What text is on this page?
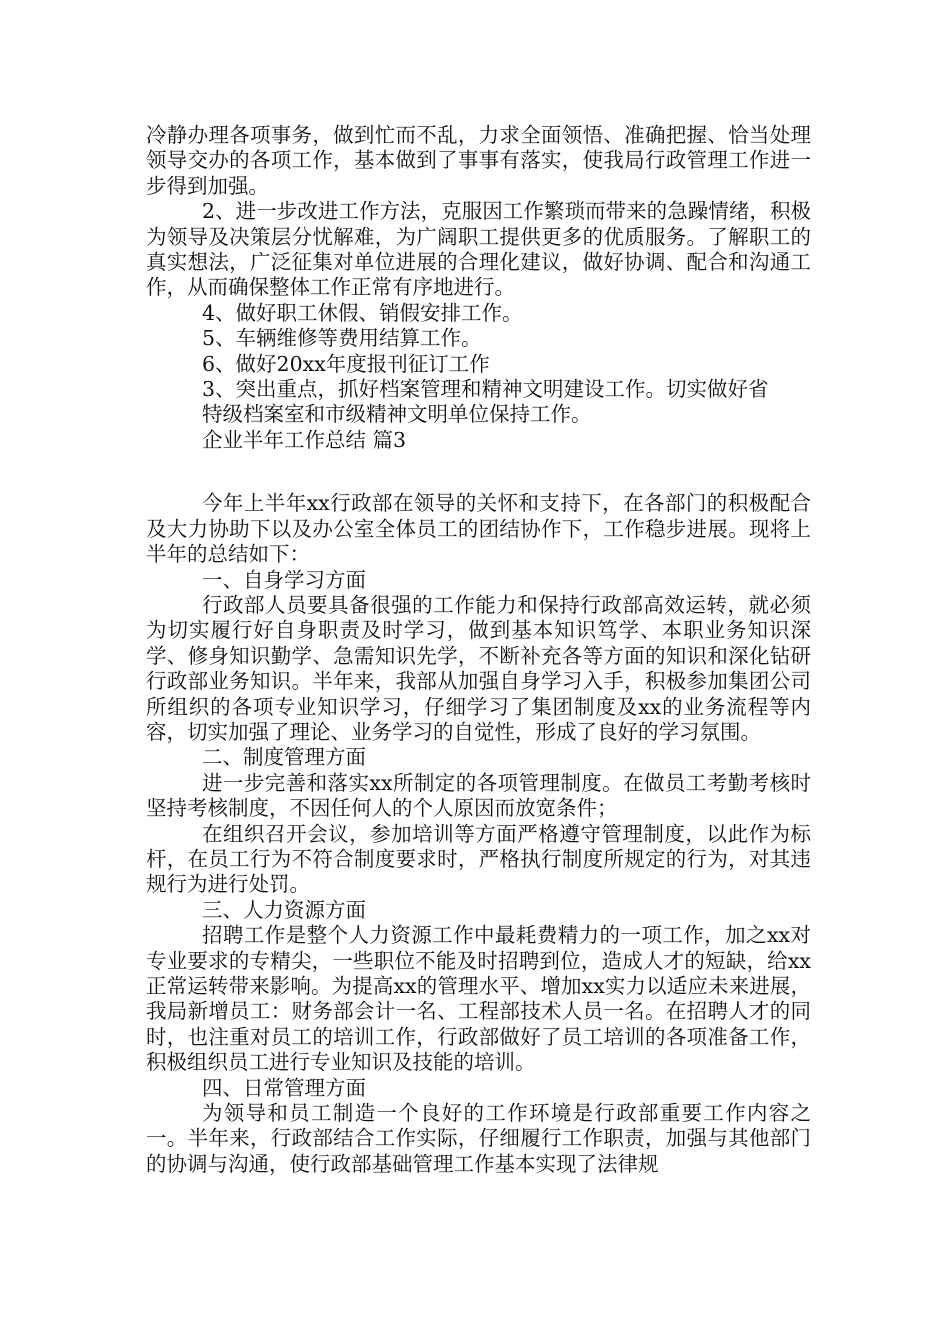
冷静办理各项事务，做到忙而不乱，力求全面领悟、准确把握、恰当处理领导交办的各项工作，基本做到了事事有落实，使我局行政管理工作进一步得到加强。

2、进一步改进工作方法，克服因工作繁琐而带来的急躁情绪，积极为领导及决策层分忧解难，为广阔职工提供更多的优质服务。了解职工的真实想法，广泛征集对单位进展的合理化建议，做好协调、配合和沟通工作，从而确保整体工作正常有序地进行。

4、做好职工休假、销假安排工作。

5、车辆维修等费用结算工作。

6、做好20xx年度报刊征订工作

3、突出重点，抓好档案管理和精神文明建设工作。切实做好省

特级档案室和市级精神文明单位保持工作。

企业半年工作总结 篇3

今年上半年xx行政部在领导的关怀和支持下，在各部门的积极配合及大力协助下以及办公室全体员工的团结协作下，工作稳步进展。现将上半年的总结如下：

一、自身学习方面

行政部人员要具备很强的工作能力和保持行政部高效运转，就必须为切实履行好自身职责及时学习，做到基本知识笃学、本职业务知识深学、修身知识勤学、急需知识先学，不断补充各等方面的知识和深化钻研行政部业务知识。半年来，我部从加强自身学习入手，积极参加集团公司所组织的各项专业知识学习，仔细学习了集团制度及xx的业务流程等内容，切实加强了理论、业务学习的自觉性，形成了良好的学习氛围。

二、制度管理方面

进一步完善和落实xx所制定的各项管理制度。在做员工考勤考核时坚持考核制度，不因任何人的个人原因而放宽条件；

在组织召开会议，参加培训等方面严格遵守管理制度，以此作为标杆，在员工行为不符合制度要求时，严格执行制度所规定的行为，对其违规行为进行处罚。

三、人力资源方面

招聘工作是整个人力资源工作中最耗费精力的一项工作，加之xx对专业要求的专精尖，一些职位不能及时招聘到位，造成人才的短缺，给xx正常运转带来影响。为提高xx的管理水平、增加xx实力以适应未来进展，我局新增员工：财务部会计一名、工程部技术人员一名。在招聘人才的同时，也注重对员工的培训工作，行政部做好了员工培训的各项准备工作，积极组织员工进行专业知识及技能的培训。

四、日常管理方面

为领导和员工制造一个良好的工作环境是行政部重要工作内容之一。半年来，行政部结合工作实际，仔细履行工作职责，加强与其他部门的协调与沟通，使行政部基础管理工作基本实现了法律规
